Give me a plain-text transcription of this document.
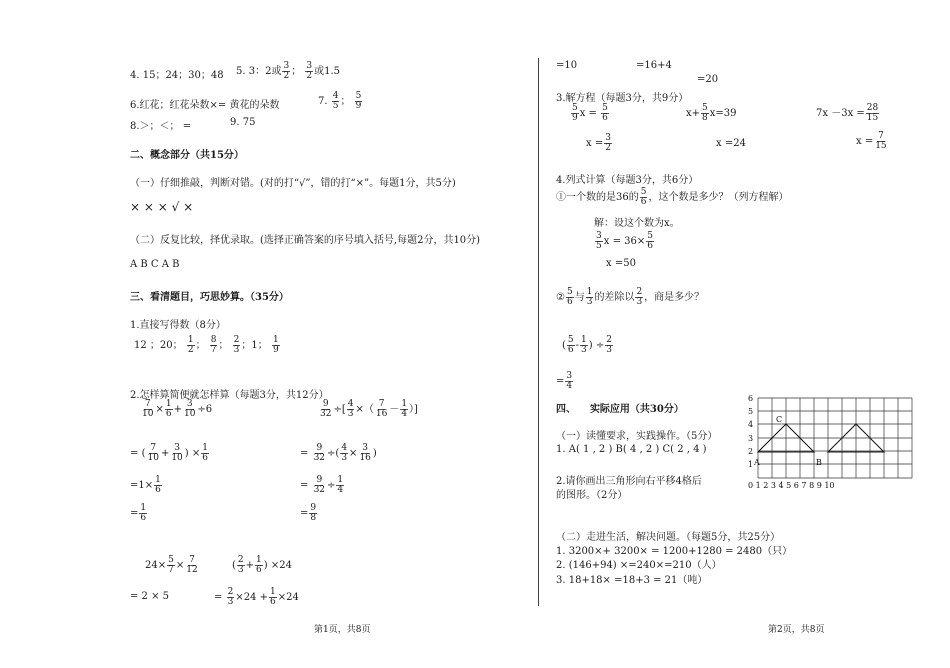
4. 15；24；30；48 5. 3：2或 $\frac{3}{2}$ ； $\frac{3}{2}$ 或1.5
6.红花；红花朵数×= 黄花的朵数	7. $\frac{4}{5}$ ； $\frac{5}{9}$
8.＞；＜； =	9. 75
二、概念部分（共15分）
（一）仔细推敲，判断对错。(对的打“√”，错的打“×”。每题1分，共5分)
× × × √ ×
（二）反复比较，择优录取。(选择正确答案的序号填入括号,每题2分，共10分)
A B C A B
三、看清题目，巧思妙算。（35分）
1.直接写得数（8分）
12 ；20； $\frac{1}{2}$ ； $\frac{8}{7}$ ； $\frac{2}{3}$ ；1； $\frac{1}{9}$
2.怎样算简便就怎样算（每题3分，共12分）
$\frac{7}{10} \times \frac{1}{6} + \frac{3}{10} \div 6$
= ( $\frac{7}{10} + \frac{3}{10}$ ) × $\frac{1}{6}$
$=1\times \frac{1}{6}$
= $\frac{1}{6}$
$\frac{9}{32}$ ÷[ $\frac{4}{3}$ ×（ $\frac{7}{16} - \frac{1}{4}$ ）]
= $\frac{9}{32}$ ÷( $\frac{4}{3} \times \frac{3}{16}$ )
= $\frac{9}{32} \div \frac{1}{4}$
= $\frac{9}{8}$
$24\times \frac{5}{7} \times \frac{7}{12}$
= 2 × 5
( $\frac{2}{3} + \frac{1}{6}$ ) ×24
= $\frac{2}{3} \times 24 + \frac{1}{6} \times 24$
=10	=16+4
=20
3.解方程（每题3分，共9分）
$\frac{5}{9}$ $x = \frac{5}{6}$
$x = \frac{3}{2}$
$x+ \frac{5}{8} x=39$
x =24
$7x -3x = \frac{28}{15}$
$x = \frac{7}{15}$
4.列式计算（每题3分，共6分）
①一个数的是36的 $\frac{5}{6}$ ，这个数是多少？（列方程解）
解：设这个数为x。
$\frac{3}{5}$ $x = 36\times \frac{5}{6}$
x =50
② $\frac{5}{6}$ 与 $\frac{1}{3}$ 的差除以 $\frac{2}{3}$ ，商是多少？
( $\frac{5}{6} - \frac{1}{3}$ ) ÷ $\frac{2}{3}$
= $\frac{3}{4}$
四、 实际应用（共30分）
（一）读懂要求，实践操作。（5分）
1. A( 1 , 2 ) B( 4 , 2 ) C( 2 , 4 )
2.请你画出三角形向右平移4格后
的图形。（2分）
（二）走进生活，解决问题。（每题5分，共25分）
1. 3200×+ 3200× = 1200+1280 = 2480（只）
2. (146+94) ×=240×=210（人）
3. 18+18× =18+3 = 21（吨）
6
5
4
3
2
1
0 1 2 3 4 5 6 7 8 9 10
A	B
C
第1页，共8页	第2页，共8页
